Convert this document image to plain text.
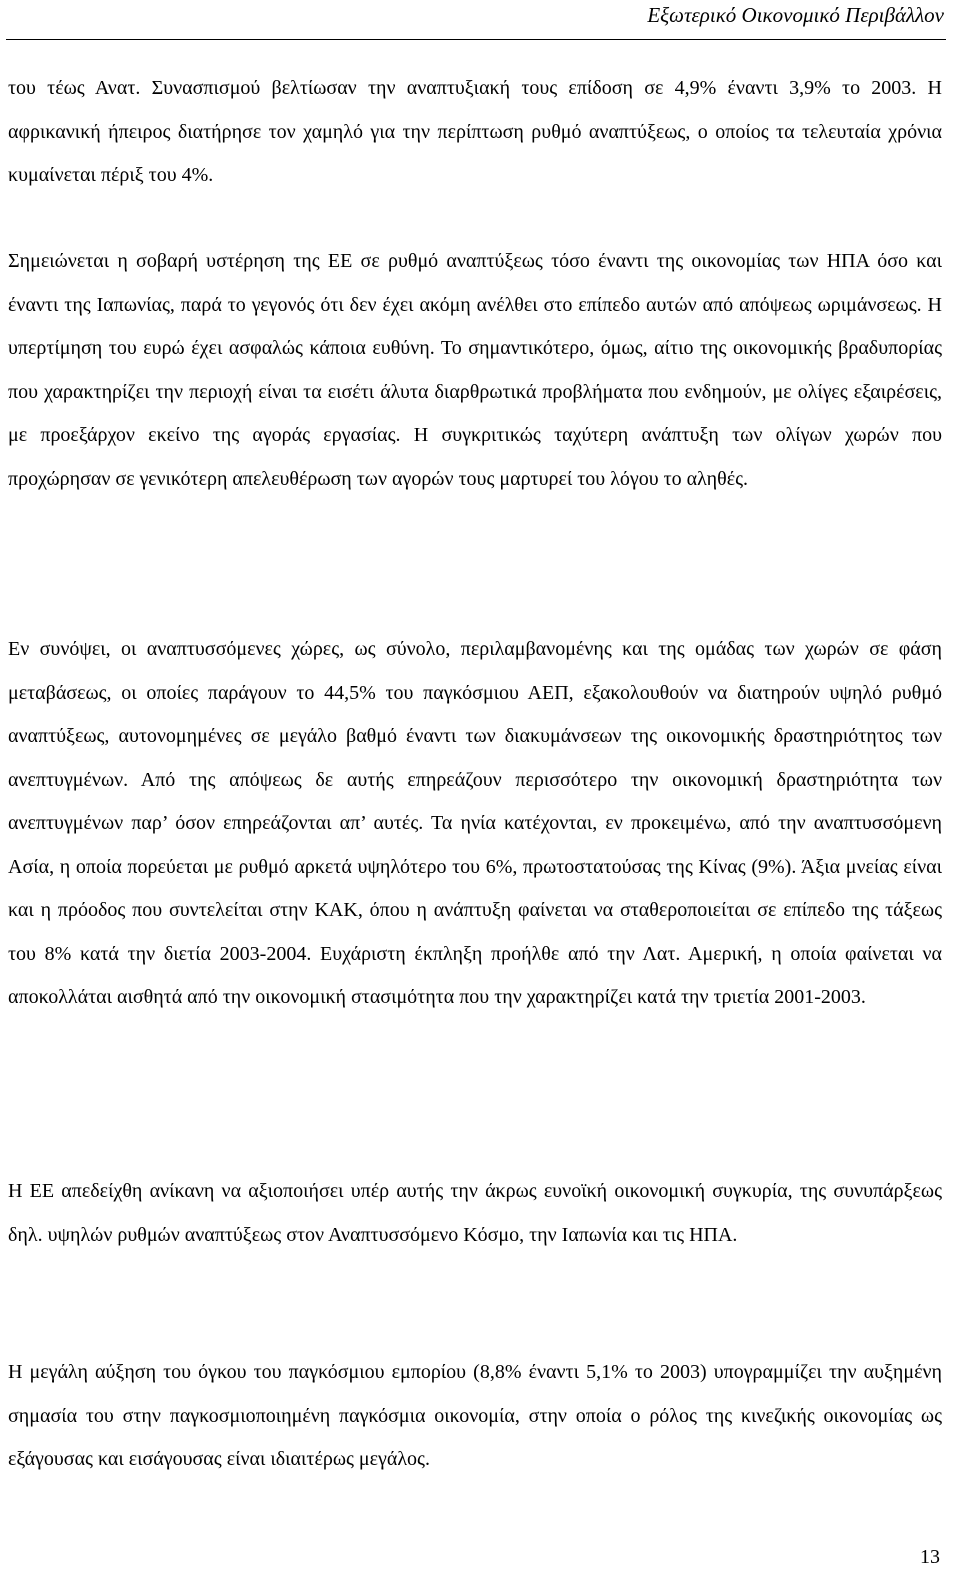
Εξωτερικό Οικονομικό Περιβάλλον

του τέως Ανατ. Συνασπισμού βελτίωσαν την αναπτυξιακή τους επίδοση σε 4,9% έναντι 3,9% το 2003. Η αφρικανική ήπειρος διατήρησε τον χαμηλό για την περίπτωση ρυθμό αναπτύξεως, ο οποίος τα τελευταία χρόνια κυμαίνεται πέριξ του 4%.

Σημειώνεται η σοβαρή υστέρηση της ΕΕ σε ρυθμό αναπτύξεως τόσο έναντι της οικονομίας των ΗΠΑ όσο και έναντι της Ιαπωνίας, παρά το γεγονός ότι δεν έχει ακόμη ανέλθει στο επίπεδο αυτών από απόψεως ωριμάνσεως. Η υπερτίμηση του ευρώ έχει ασφαλώς κάποια ευθύνη. Το σημαντικότερο, όμως, αίτιο της οικονομικής βραδυπορίας που χαρακτηρίζει την περιοχή είναι τα εισέτι άλυτα διαρθρωτικά προβλήματα που ενδημούν, με ολίγες εξαιρέσεις, με προεξάρχον εκείνο της αγοράς εργασίας. Η συγκριτικώς ταχύτερη ανάπτυξη των ολίγων χωρών που προχώρησαν σε γενικότερη απελευθέρωση των αγορών τους μαρτυρεί του λόγου το αληθές.

Εν συνόψει, οι αναπτυσσόμενες χώρες, ως σύνολο, περιλαμβανομένης και της ομάδας των χωρών σε φάση μεταβάσεως, οι οποίες παράγουν το 44,5% του παγκόσμιου ΑΕΠ, εξακολουθούν να διατηρούν υψηλό ρυθμό αναπτύξεως, αυτονομημένες σε μεγάλο βαθμό έναντι των διακυμάνσεων της οικονομικής δραστηριότητος των ανεπτυγμένων. Από της απόψεως δε αυτής επηρεάζουν περισσότερο την οικονομική δραστηριότητα των ανεπτυγμένων παρ’ όσον επηρεάζονται απ’ αυτές. Τα ηνία κατέχονται, εν προκειμένω, από την αναπτυσσόμενη Ασία, η οποία πορεύεται με ρυθμό αρκετά υψηλότερο του 6%, πρωτοστατούσας της Κίνας (9%). Άξια μνείας είναι και η πρόοδος που συντελείται στην ΚΑΚ, όπου η ανάπτυξη φαίνεται να σταθεροποιείται σε επίπεδο της τάξεως του 8% κατά την διετία 2003-2004. Ευχάριστη έκπληξη προήλθε από την Λατ. Αμερική, η οποία φαίνεται να αποκολλάται αισθητά από την οικονομική στασιμότητα που την χαρακτηρίζει κατά την τριετία 2001-2003.

Η ΕΕ απεδείχθη ανίκανη να αξιοποιήσει υπέρ αυτής την άκρως ευνοϊκή οικονομική συγκυρία, της συνυπάρξεως δηλ. υψηλών ρυθμών αναπτύξεως στον Αναπτυσσόμενο Κόσμο, την Ιαπωνία και τις ΗΠΑ.

Η μεγάλη αύξηση του όγκου του παγκόσμιου εμπορίου (8,8% έναντι 5,1% το 2003) υπογραμμίζει την αυξημένη σημασία του στην παγκοσμιοποιημένη παγκόσμια οικονομία, στην οποία ο ρόλος της κινεζικής οικονομίας ως εξάγουσας και εισάγουσας είναι ιδιαιτέρως μεγάλος.

13
